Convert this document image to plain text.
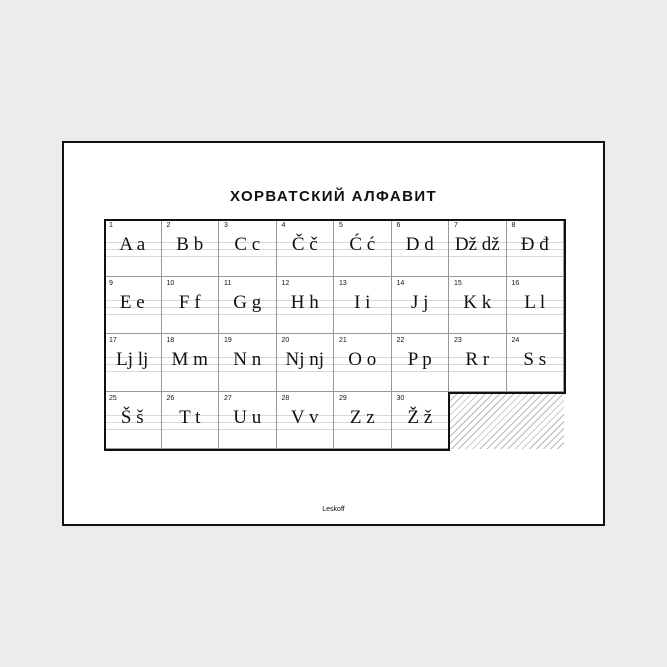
ХОРВАТСКИЙ АЛФАВИТ
30
Ž ž
29
Z z
28
V v
27
U u
26
T t
25
Š š
24
S s
23
R r
22
P p
21
O o
20
Nj nj
19
N n
18
M m
17
Lj lj
16
L l
15
K k
14
J j
13
I i
12
H h
11
G g
10
F f
9
E e
8
Đ đ
7
Dž dž
6
D d
5
Ć ć
4
Č č
3
C c
2
B b
1
A a
Leskoff
